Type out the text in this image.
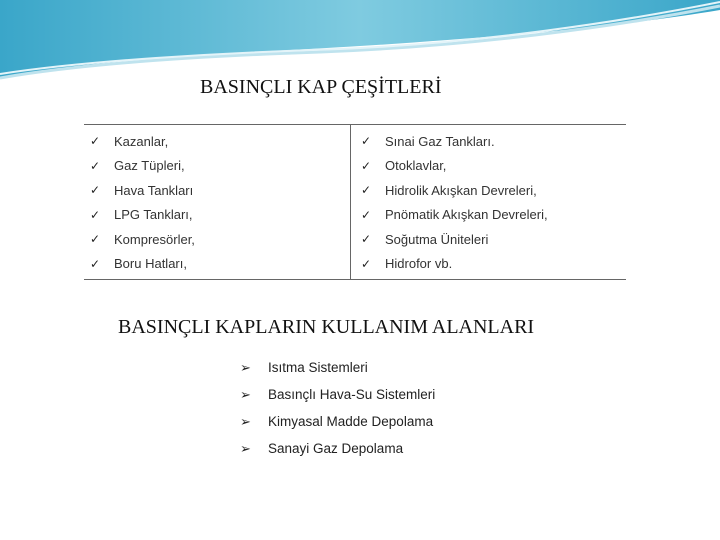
BASINÇLI KAP ÇEŞİTLERİ
✓ Kazanlar,
✓ Gaz Tüpleri,
✓ Hava Tankları
✓ LPG Tankları,
✓ Kompresörler,
✓ Boru Hatları,
✓ Sınai Gaz Tankları.
✓ Otoklavlar,
✓ Hidrolik Akışkan Devreleri,
✓ Pnömatik Akışkan Devreleri,
✓ Soğutma Üniteleri
✓ Hidrofor vb.
BASINÇLI KAPLARIN KULLANIM ALANLARI
➢	Isıtma Sistemleri
➢	Basınçlı Hava-Su Sistemleri
➢	Kimyasal Madde Depolama
➢	Sanayi Gaz Depolama
